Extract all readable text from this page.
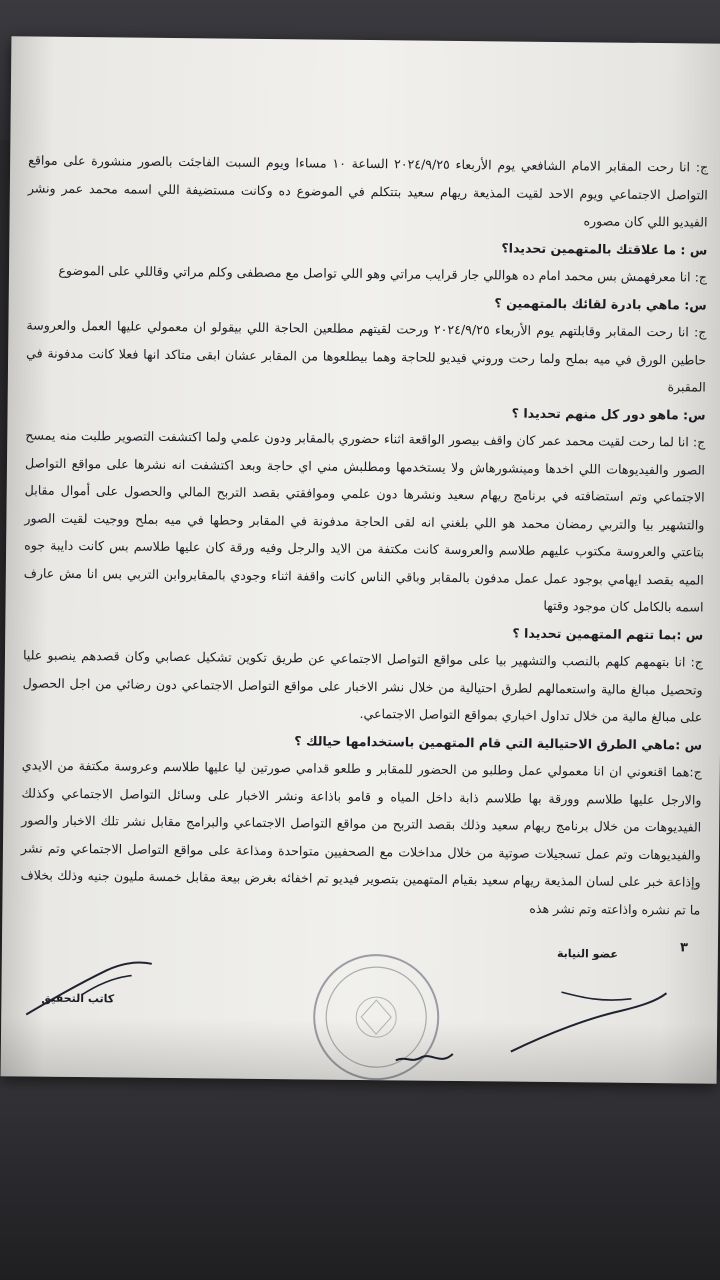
ج: انا رحت المقابر الامام الشافعي يوم الأربعاء ٢٠٢٤/٩/٢٥ الساعة ١٠ مساءا ويوم السبت الفاجئت بالصور منشورة على مواقع التواصل الاجتماعي ويوم الاحد لقيت المذيعة ريهام سعيد بتتكلم في الموضوع ده وكانت مستضيفة اللي اسمه محمد عمر ونشر الفيديو اللي كان مصوره

س : ما علاقتك بالمتهمين تحديدا؟

ج: انا معرفهمش بس محمد امام ده هواللي جار قرايب مراتي وهو اللي تواصل مع مصطفى وكلم مراتي وقاللي على الموضوع

س: ماهي بادرة لقائك بالمتهمين ؟

ج: انا رحت المقابر وقابلتهم يوم الأربعاء ٢٠٢٤/٩/٢٥ ورحت لقيتهم مطلعين الحاجة اللي بيقولو ان معمولي عليها العمل والعروسة حاطين الورق في ميه بملح ولما رحت وروني فيديو للحاجة وهما بيطلعوها من المقابر عشان ابقى متاكد انها فعلا كانت مدفونة في المقبرة

س: ماهو دور كل منهم تحديدا ؟

ج: انا لما رحت لقيت محمد عمر كان واقف بيصور الواقعة اثناء حضوري بالمقابر ودون علمي ولما اكتشفت التصوير طلبت منه يمسح الصور والفيديوهات اللي اخدها ومينشورهاش ولا يستخدمها ومطلبش مني اي حاجة وبعد اكتشفت انه نشرها على مواقع التواصل الاجتماعي وتم استضافته في برنامج ريهام سعيد ونشرها دون علمي وموافقتي بقصد التربح المالي والحصول على أموال مقابل والتشهير بيا والتربي رمضان محمد هو اللي بلغني انه لقى الحاجة مدفونة في المقابر وحطها في ميه بملح ووجيت لقيت الصور بتاعتي والعروسة مكتوب عليهم طلاسم والعروسة كانت مكتفة من الايد والرجل وفيه ورقة كان عليها طلاسم بس كانت دايبة جوه الميه بقصد ايهامي بوجود عمل عمل مدفون بالمقابر وباقي الناس كانت واقفة اثناء وجودي بالمقابروابن التربي بس انا مش عارف اسمه بالكامل كان موجود وقتها

س :بما تتهم المتهمين تحديدا ؟

ج: انا بتهمهم كلهم بالنصب والتشهير بيا على مواقع التواصل الاجتماعي عن طريق تكوين تشكيل عصابي وكان قصدهم ينصبو عليا وتحصيل مبالغ مالية واستعمالهم لطرق احتيالية من خلال نشر الاخبار على مواقع التواصل الاجتماعي دون رضائي من اجل الحصول على مبالغ مالية من خلال تداول اخباري بمواقع التواصل الاجتماعي.

س :ماهي الطرق الاحتيالية التي قام المتهمين باستخدامها حيالك ؟

ج:هما اقنعوني ان انا معمولي عمل وطلبو من الحضور للمقابر و طلعو قدامي صورتين ليا عليها طلاسم وعروسة مكتفة من الايدي والارجل عليها طلاسم وورقة بها طلاسم ذابة داخل المياه و قامو باذاعة ونشر الاخبار على وسائل التواصل الاجتماعي وكذلك الفيديوهات من خلال برنامج ريهام سعيد وذلك بقصد التربح من مواقع التواصل الاجتماعي والبرامج مقابل نشر تلك الاخبار والصور والفيديوهات وتم عمل تسجيلات صوتية من خلال مداخلات مع الصحفيين متواحدة ومذاعة على مواقع التواصل الاجتماعي وتم نشر وإذاعة خبر على لسان المذيعة ريهام سعيد بقيام المتهمين بتصوير فيديو تم اخفائه بغرض بيعة مقابل خمسة مليون جنيه وذلك بخلاف ما تم نشره واذاعته وتم نشر هذه

٣
عضو النيابة
كاتب التحقيق
